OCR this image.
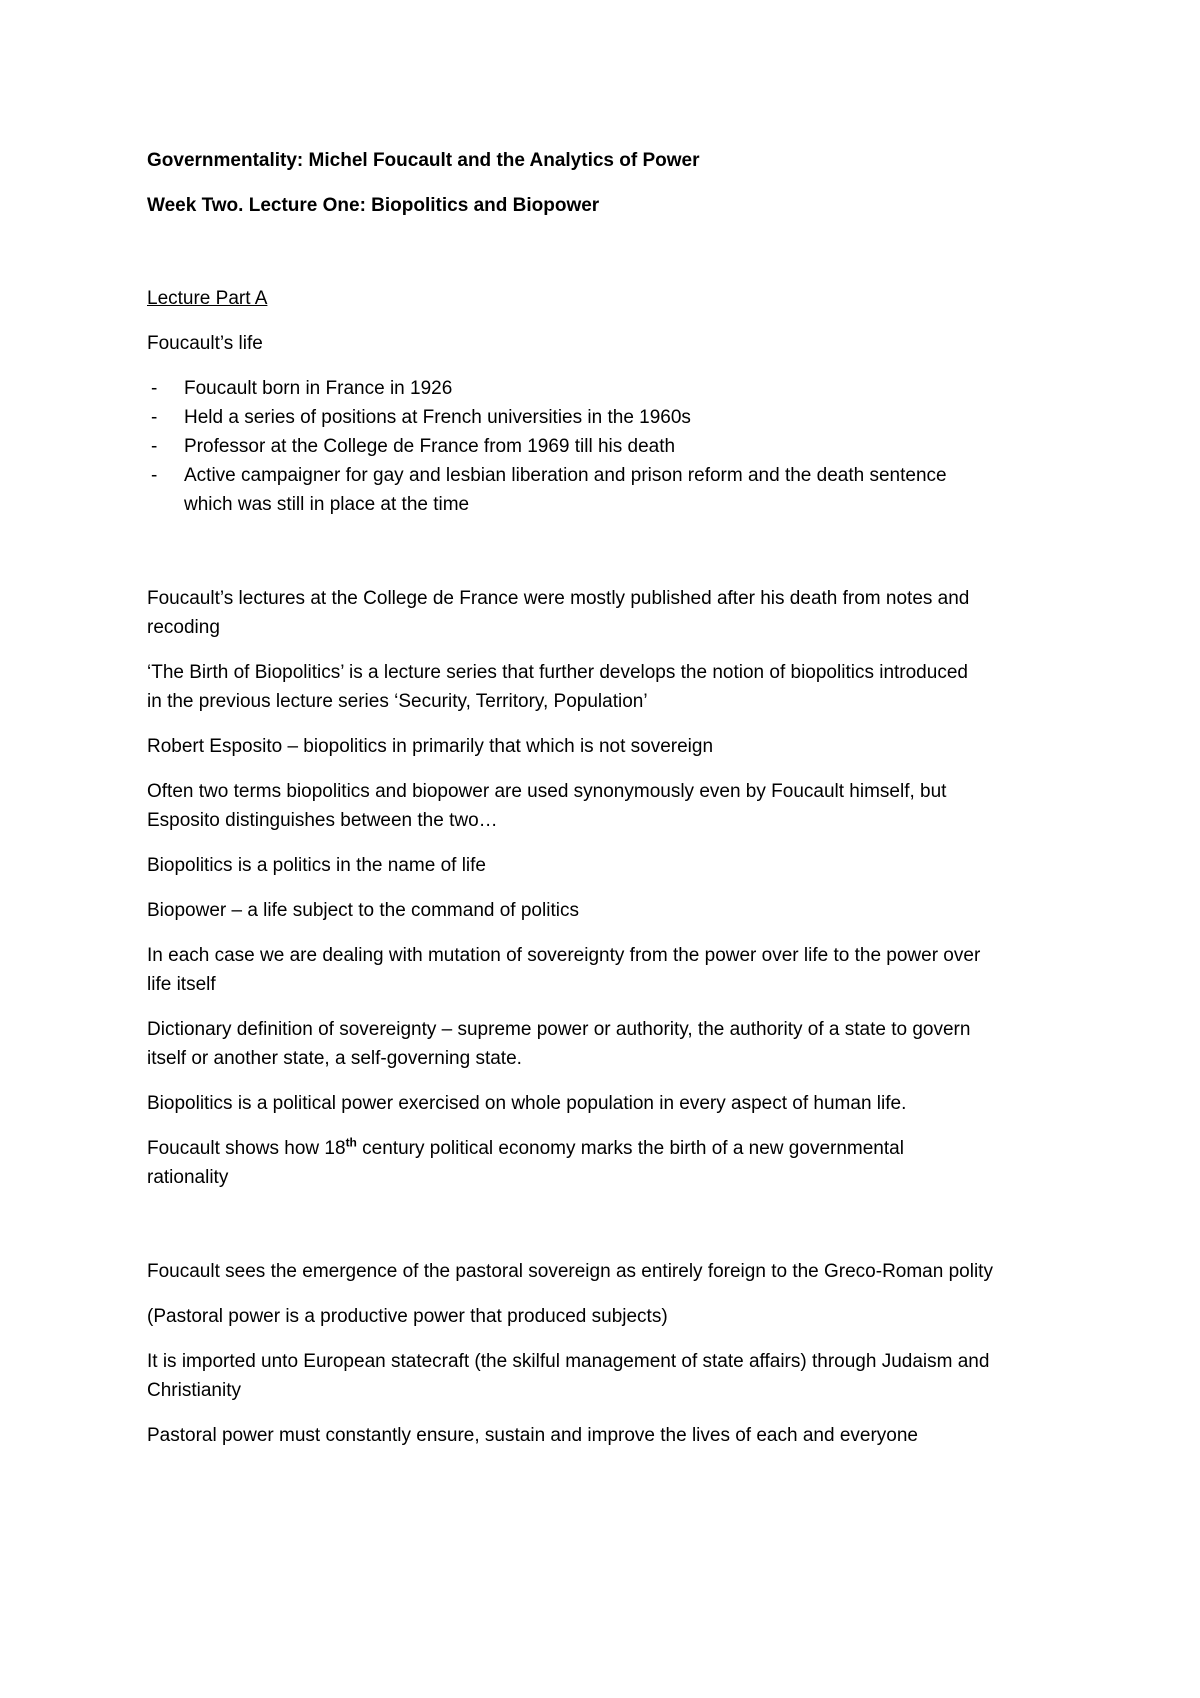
Governmentality: Michel Foucault and the Analytics of Power

Week Two. Lecture One: Biopolitics and Biopower

Lecture Part A

Foucault’s life

- Foucault born in France in 1926

- Held a series of positions at French universities in the 1960s

- Professor at the College de France from 1969 till his death

- Active campaigner for gay and lesbian liberation and prison reform and the death sentence

which was still in place at the time

Foucault’s lectures at the College de France were mostly published after his death from notes and

recoding

‘The Birth of Biopolitics’ is a lecture series that further develops the notion of biopolitics introduced

in the previous lecture series ‘Security, Territory, Population’

Robert Esposito – biopolitics in primarily that which is not sovereign

Often two terms biopolitics and biopower are used synonymously even by Foucault himself, but

Esposito distinguishes between the two…

Biopolitics is a politics in the name of life

Biopower – a life subject to the command of politics

In each case we are dealing with mutation of sovereignty from the power over life to the power over

life itself

Dictionary definition of sovereignty – supreme power or authority, the authority of a state to govern

itself or another state, a self-governing state.

Biopolitics is a political power exercised on whole population in every aspect of human life.

Foucault shows how 18th century political economy marks the birth of a new governmental

rationality

Foucault sees the emergence of the pastoral sovereign as entirely foreign to the Greco-Roman polity

(Pastoral power is a productive power that produced subjects)

It is imported unto European statecraft (the skilful management of state affairs) through Judaism and

Christianity

Pastoral power must constantly ensure, sustain and improve the lives of each and everyone
